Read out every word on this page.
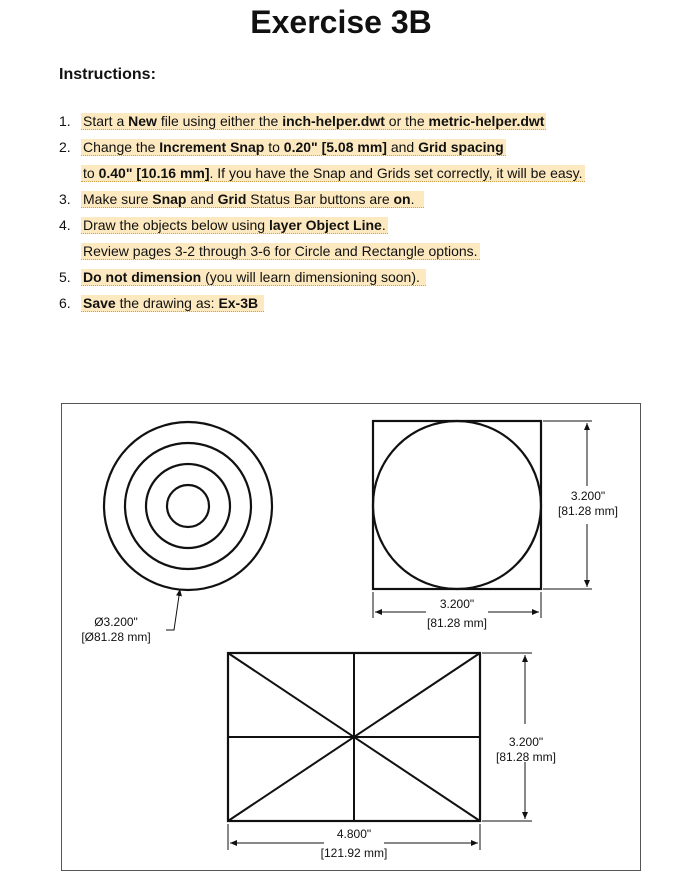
Exercise 3B
Instructions:
1. Start a New file using either the inch-helper.dwt or the metric-helper.dwt
2. Change the Increment Snap to 0.20" [5.08 mm] and Grid spacing
to 0.40" [10.16 mm]. If you have the Snap and Grids set correctly, it will be easy.
3. Make sure Snap and Grid Status Bar buttons are on.
4. Draw the objects below using layer Object Line.
Review pages 3-2 through 3-6 for Circle and Rectangle options.
5. Do not dimension (you will learn dimensioning soon).
6. Save the drawing as: Ex-3B
Ø3.200"
[Ø81.28 mm]
3.200"
[81.28 mm]
3.200"
[81.28 mm]
3.200"
[81.28 mm]
4.800"
[121.92 mm]
